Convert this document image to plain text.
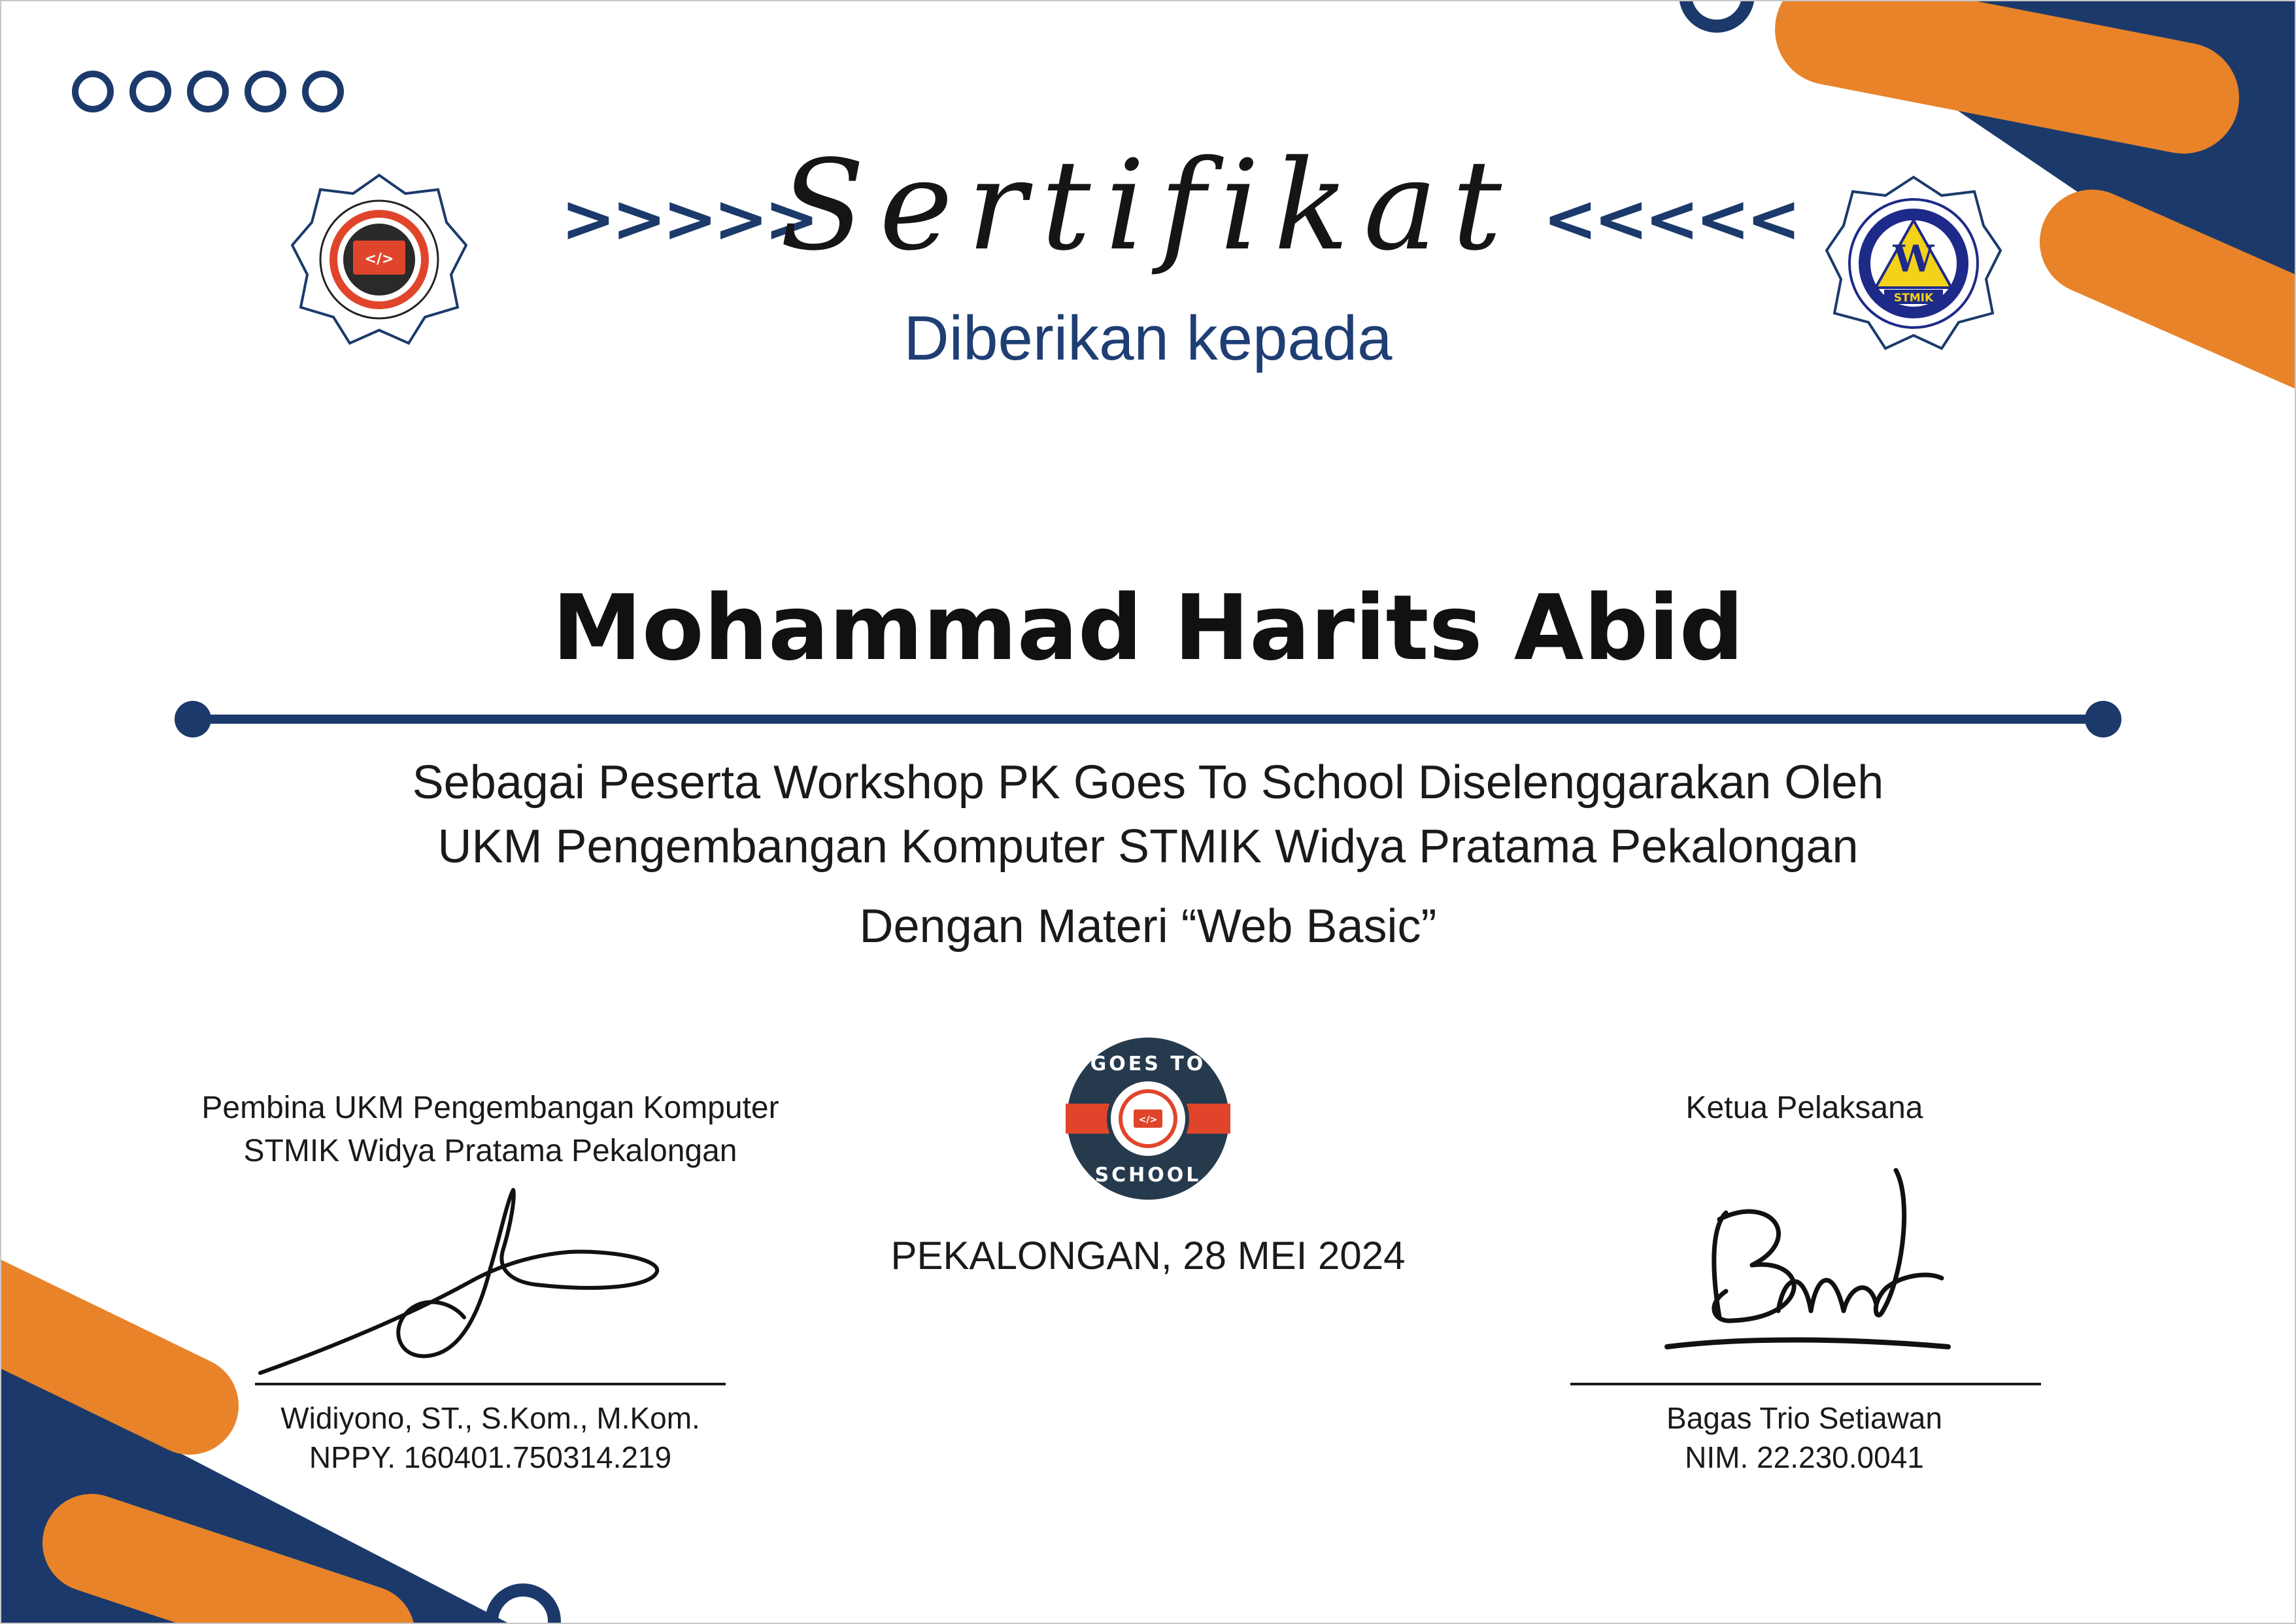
</>	W
STMIK
>>>>>	<<<<<
Sertifikat
Diberikan kepada
Mohammad Harits Abid
Sebagai Peserta Workshop PK Goes To School Diselenggarakan Oleh
UKM Pengembangan Komputer STMIK Widya Pratama Pekalongan
Dengan Materi “Web Basic”
</>
GOES TO
SCHOOL
PEKALONGAN, 28 MEI 2024
Pembina UKM Pengembangan Komputer
STMIK Widya Pratama Pekalongan
Widiyono, ST., S.Kom., M.Kom.
NPPY. 160401.750314.219
Ketua Pelaksana
Bagas Trio Setiawan
NIM. 22.230.0041
